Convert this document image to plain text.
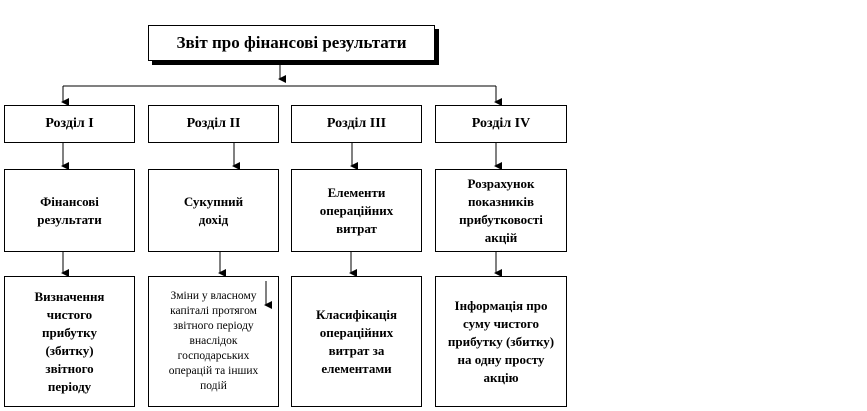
Звіт про фінансові результати
Розділ I	Розділ II	Розділ III	Розділ IV
Фінансові результати
Сукупний дохід
Елементи операційних витрат
Розрахунок показників прибутковості акцій
Визначення чистого прибутку (збитку) звітного періоду
Зміни у власному капіталі протягом звітного періоду внаслідок господарських операцій та інших подій
Класифікація операційних витрат за елементами
Інформація про суму чистого прибутку (збитку) на одну просту акцію
